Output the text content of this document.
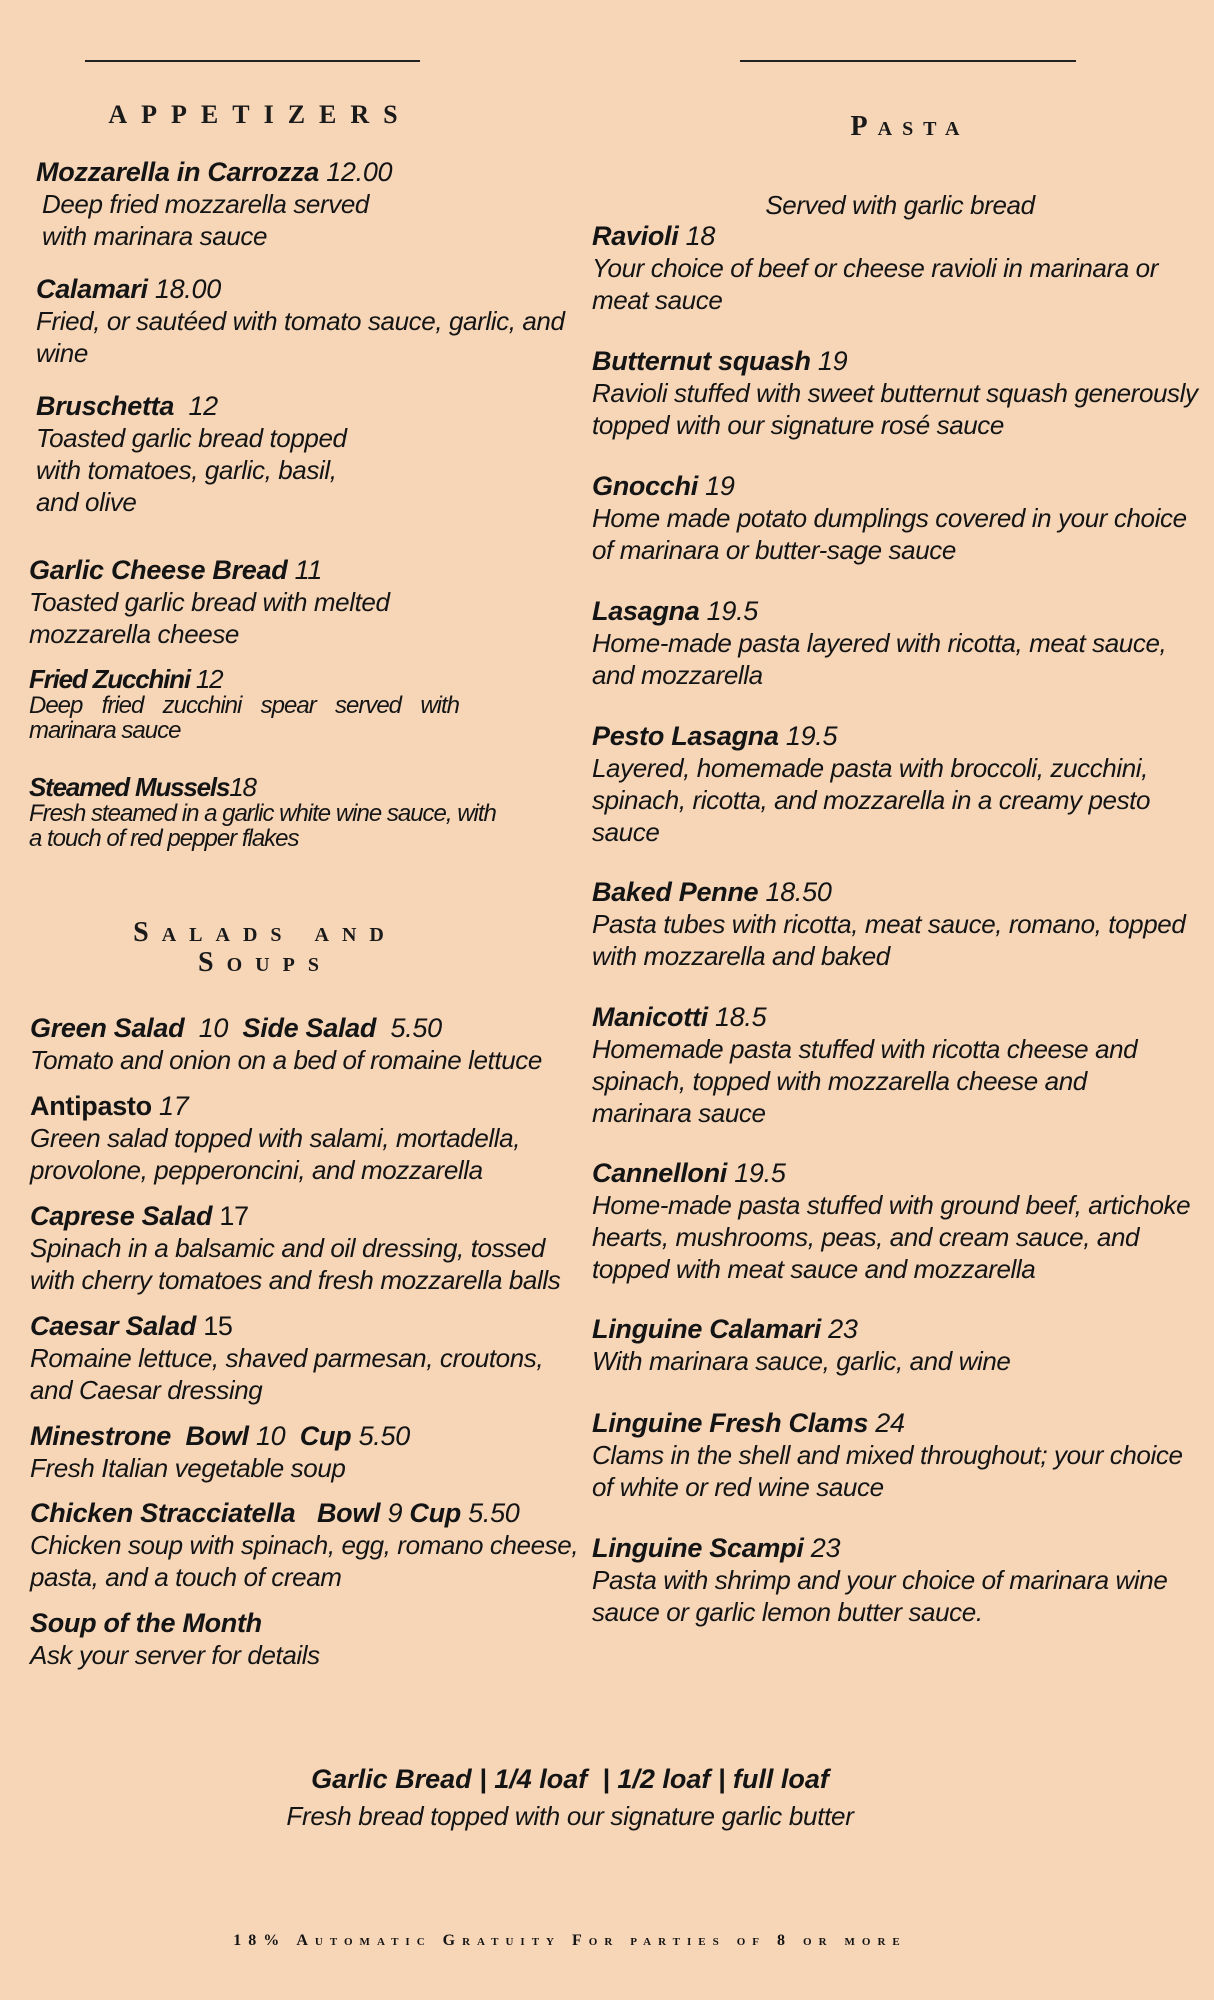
APPETIZERS
Mozzarella in Carrozza 12.00
Deep fried mozzarella served with marinara sauce
Calamari 18.00
Fried, or sautéed with tomato sauce, garlic, and wine
Bruschetta 12
Toasted garlic bread topped with tomatoes, garlic, basil, and olive
Garlic Cheese Bread 11
Toasted garlic bread with melted mozzarella cheese
Fried Zucchini 12
Deep fried zucchini spear served with marinara sauce
Steamed Mussels18
Fresh steamed in a garlic white wine sauce, with a touch of red pepper flakes
Salads and Soups
Green Salad 10 Side Salad 5.50
Tomato and onion on a bed of romaine lettuce
Antipasto 17
Green salad topped with salami, mortadella, provolone, pepperoncini, and mozzarella
Caprese Salad 17
Spinach in a balsamic and oil dressing, tossed with cherry tomatoes and fresh mozzarella balls
Caesar Salad 15
Romaine lettuce, shaved parmesan, croutons, and Caesar dressing
Minestrone Bowl 10 Cup 5.50
Fresh Italian vegetable soup
Chicken Stracciatella Bowl 9 Cup 5.50
Chicken soup with spinach, egg, romano cheese, pasta, and a touch of cream
Soup of the Month
Ask your server for details
Pasta
Served with garlic bread
Ravioli 18
Your choice of beef or cheese ravioli in marinara or meat sauce
Butternut squash 19
Ravioli stuffed with sweet butternut squash generously topped with our signature rosé sauce
Gnocchi 19
Home made potato dumplings covered in your choice of marinara or butter-sage sauce
Lasagna 19.5
Home-made pasta layered with ricotta, meat sauce, and mozzarella
Pesto Lasagna 19.5
Layered, homemade pasta with broccoli, zucchini, spinach, ricotta, and mozzarella in a creamy pesto sauce
Baked Penne 18.50
Pasta tubes with ricotta, meat sauce, romano, topped with mozzarella and baked
Manicotti 18.5
Homemade pasta stuffed with ricotta cheese and spinach, topped with mozzarella cheese and marinara sauce
Cannelloni 19.5
Home-made pasta stuffed with ground beef, artichoke hearts, mushrooms, peas, and cream sauce, and topped with meat sauce and mozzarella
Linguine Calamari 23
With marinara sauce, garlic, and wine
Linguine Fresh Clams 24
Clams in the shell and mixed throughout; your choice of white or red wine sauce
Linguine Scampi 23
Pasta with shrimp and your choice of marinara wine sauce or garlic lemon butter sauce.
Garlic Bread | 1/4 loaf  | 1/2 loaf | full loaf
Fresh bread topped with our signature garlic butter
18% Automatic Gratuity For parties of 8 or more
